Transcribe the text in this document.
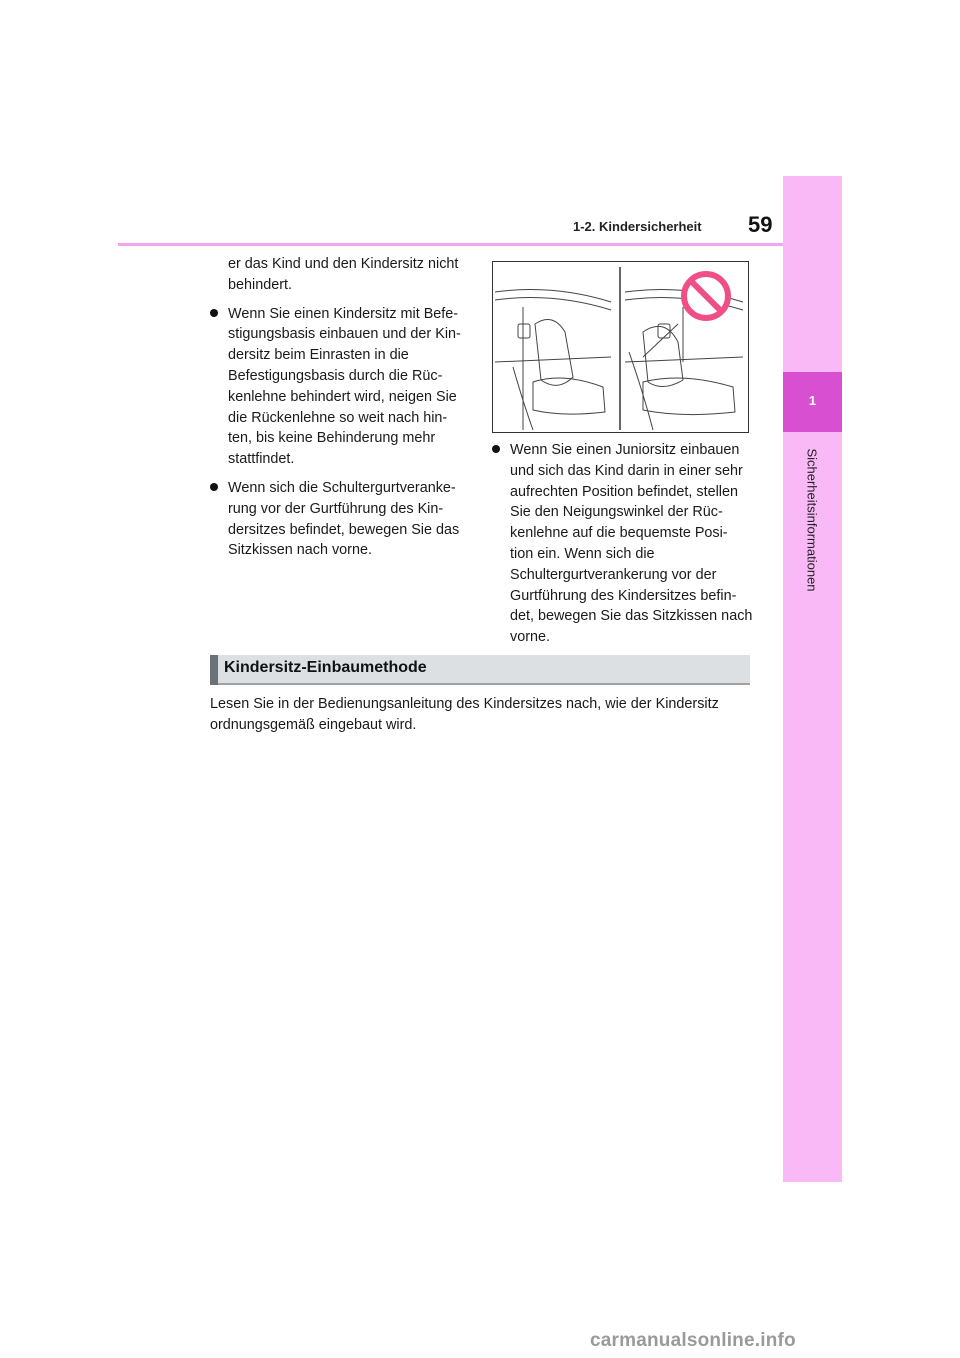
1
Sicherheitsinformationen
1-2. Kindersicherheit 59

er das Kind und den Kindersitz nicht behindert.

Wenn Sie einen Kindersitz mit Befe- stigungsbasis einbauen und der Kin- dersitz beim Einrasten in die Befestigungsbasis durch die Rüc- kenlehne behindert wird, neigen Sie die Rückenlehne so weit nach hin- ten, bis keine Behinderung mehr stattfindet.
Wenn sich die Schultergurtveranke- rung vor der Gurtführung des Kin- dersitzes befindet, bewegen Sie das Sitzkissen nach vorne.
Wenn Sie einen Juniorsitz einbauen und sich das Kind darin in einer sehr aufrechten Position befindet, stellen Sie den Neigungswinkel der Rüc- kenlehne auf die bequemste Posi- tion ein. Wenn sich die Schultergurtverankerung vor der Gurtführung des Kindersitzes befin- det, bewegen Sie das Sitzkissen nach vorne.
Kindersitz-Einbaumethode
Lesen Sie in der Bedienungsanleitung des Kindersitzes nach, wie der Kindersitz ordnungsgemäß eingebaut wird.
carmanualsonline.info
